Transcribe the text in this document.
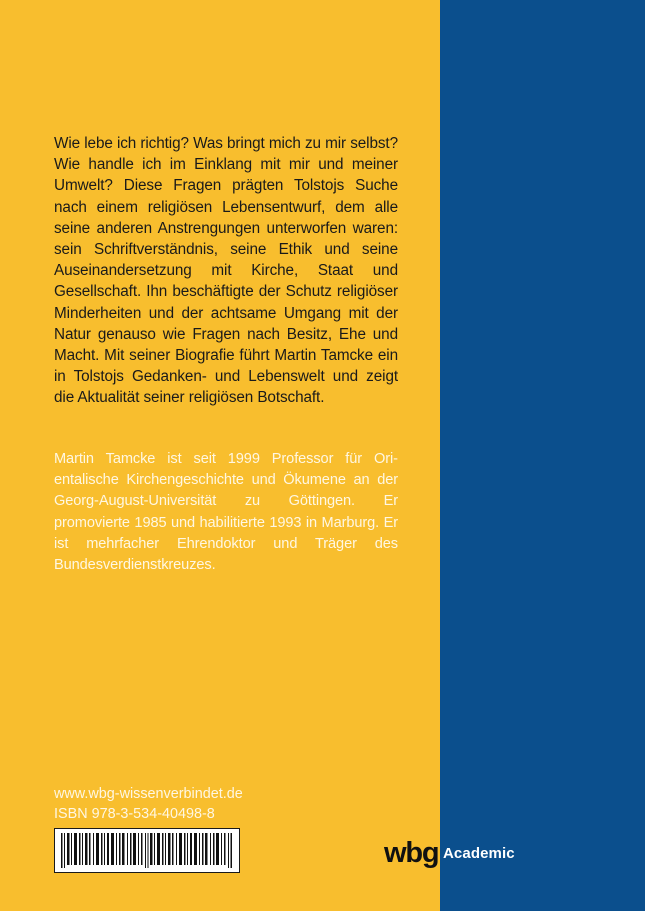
Wie lebe ich richtig? Was bringt mich zu mir selbst? Wie handle ich im Einklang mit mir und meiner Umwelt? Diese Fragen prägten Tolstojs Suche nach einem religiösen Lebensentwurf, dem alle seine anderen Anstrengungen unterworfen waren: sein Schriftverständnis, seine Ethik und seine Auseinandersetzung mit Kirche, Staat und Gesellschaft. Ihn beschäftigte der Schutz religiöser Minderheiten und der achtsame Umgang mit der Natur genauso wie Fragen nach Besitz, Ehe und Macht. Mit seiner Biografie führt Martin Tamcke ein in Tolstojs Gedanken- und Lebenswelt und zeigt die Aktualität seiner religiösen Botschaft.

Martin Tamcke ist seit 1999 Professor für Orientalische Kirchengeschichte und Ökumene an der Georg-August-Universität zu Göttingen. Er promovierte 1985 und habilitierte 1993 in Marburg. Er ist mehrfacher Ehrendoktor und Träger des Bundesverdienstkreuzes.

www.wbg-wissenverbindet.de

ISBN 978-3-534-40498-8

wbg Academic
